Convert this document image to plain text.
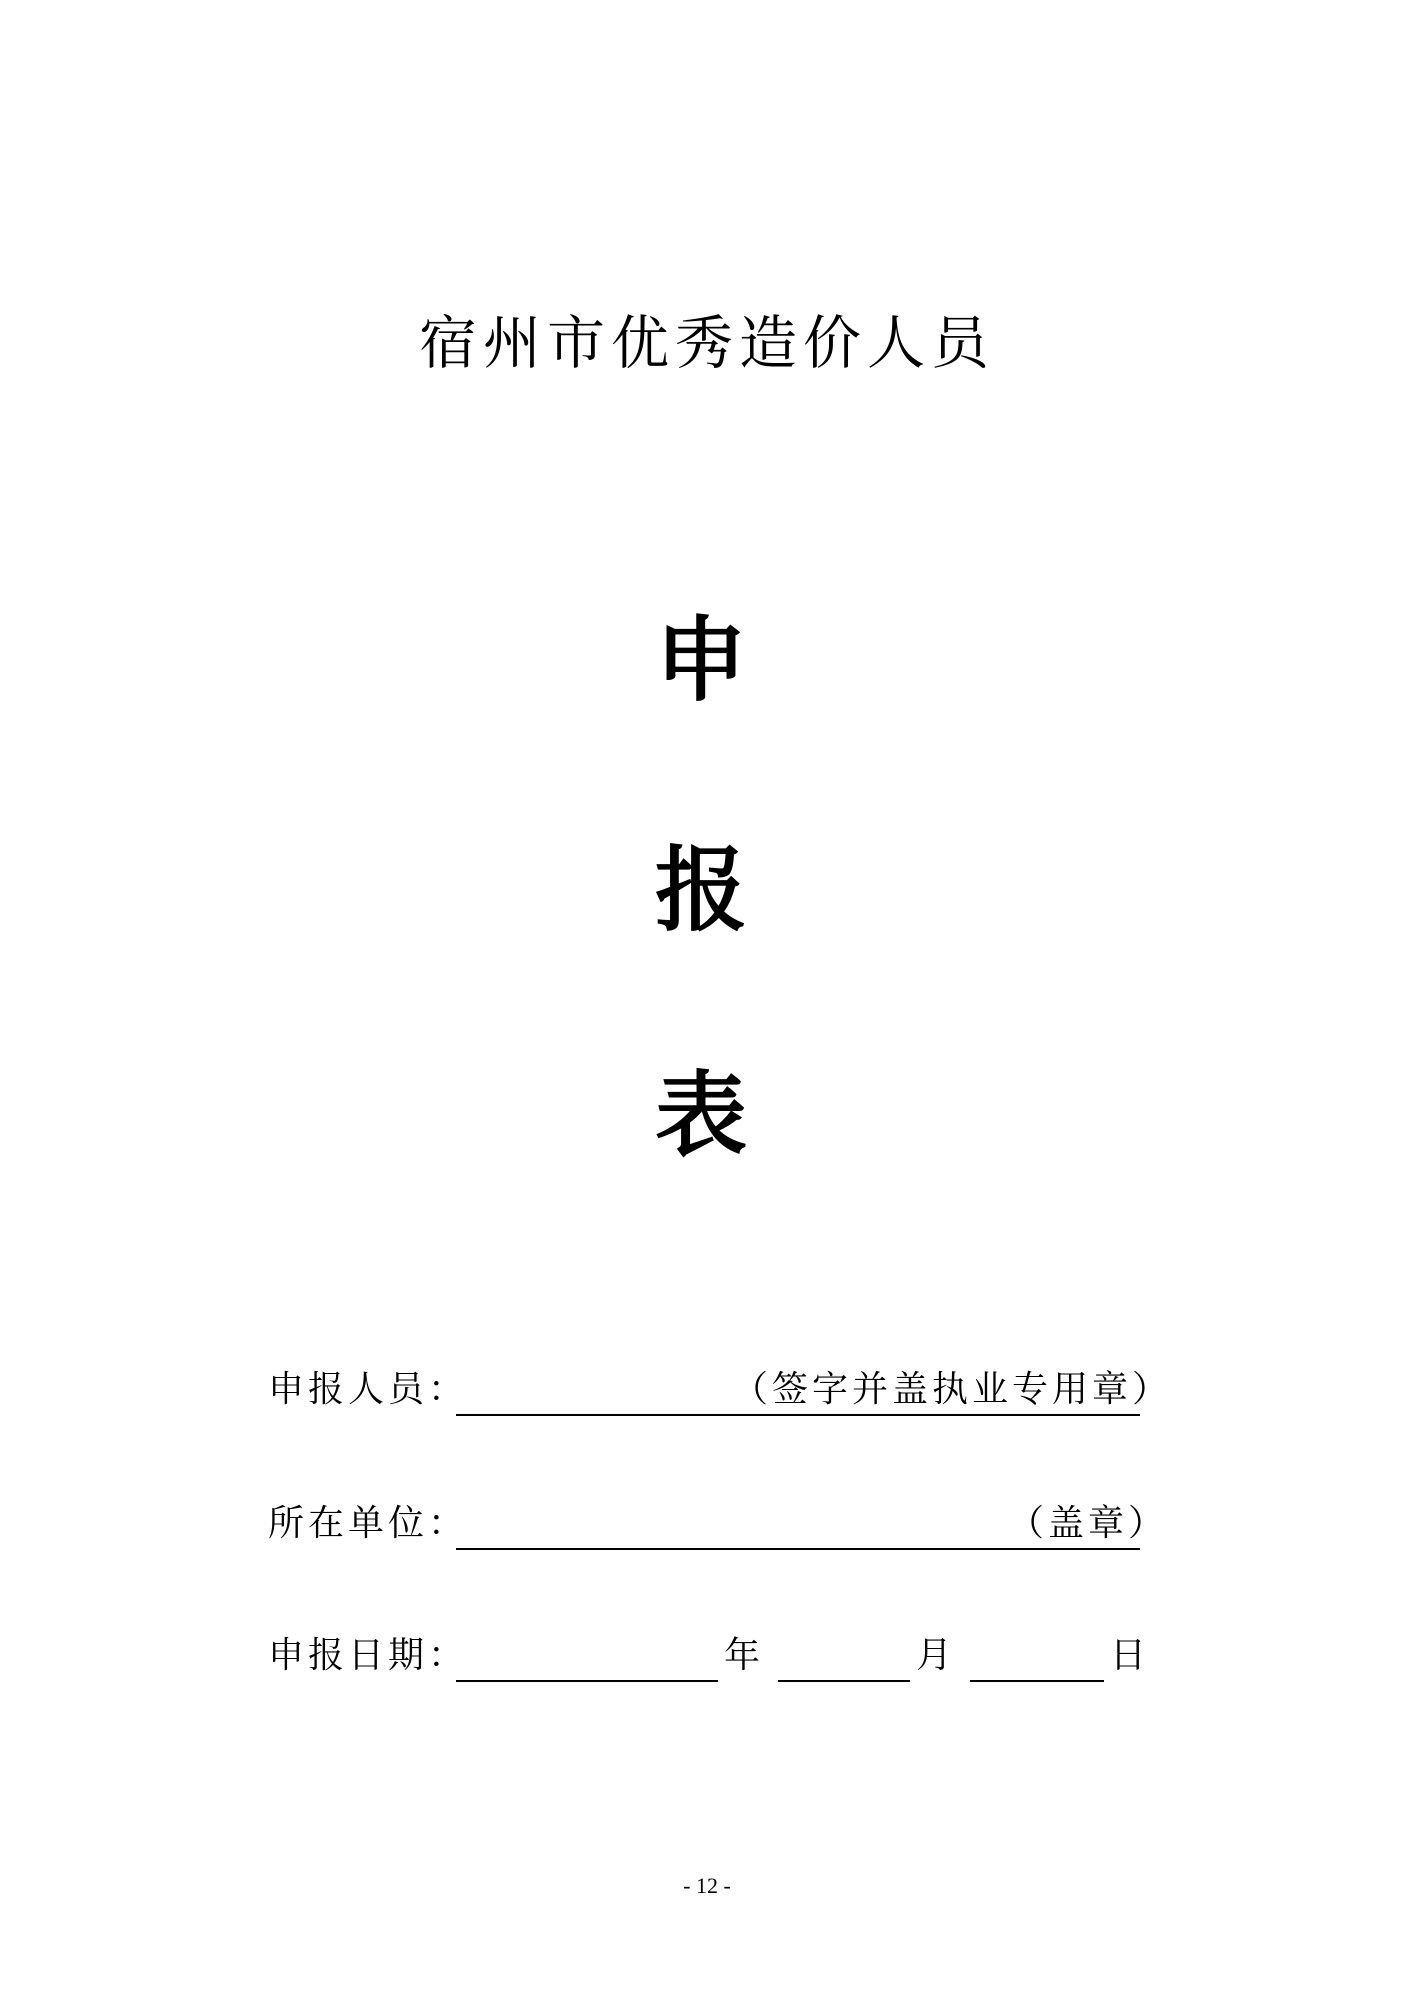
宿州市优秀造价人员
申
报
表
申报人员：	（签字并盖执业专用章）
所在单位：	（盖章）
申报日期：	年	月	日
- 12 -
